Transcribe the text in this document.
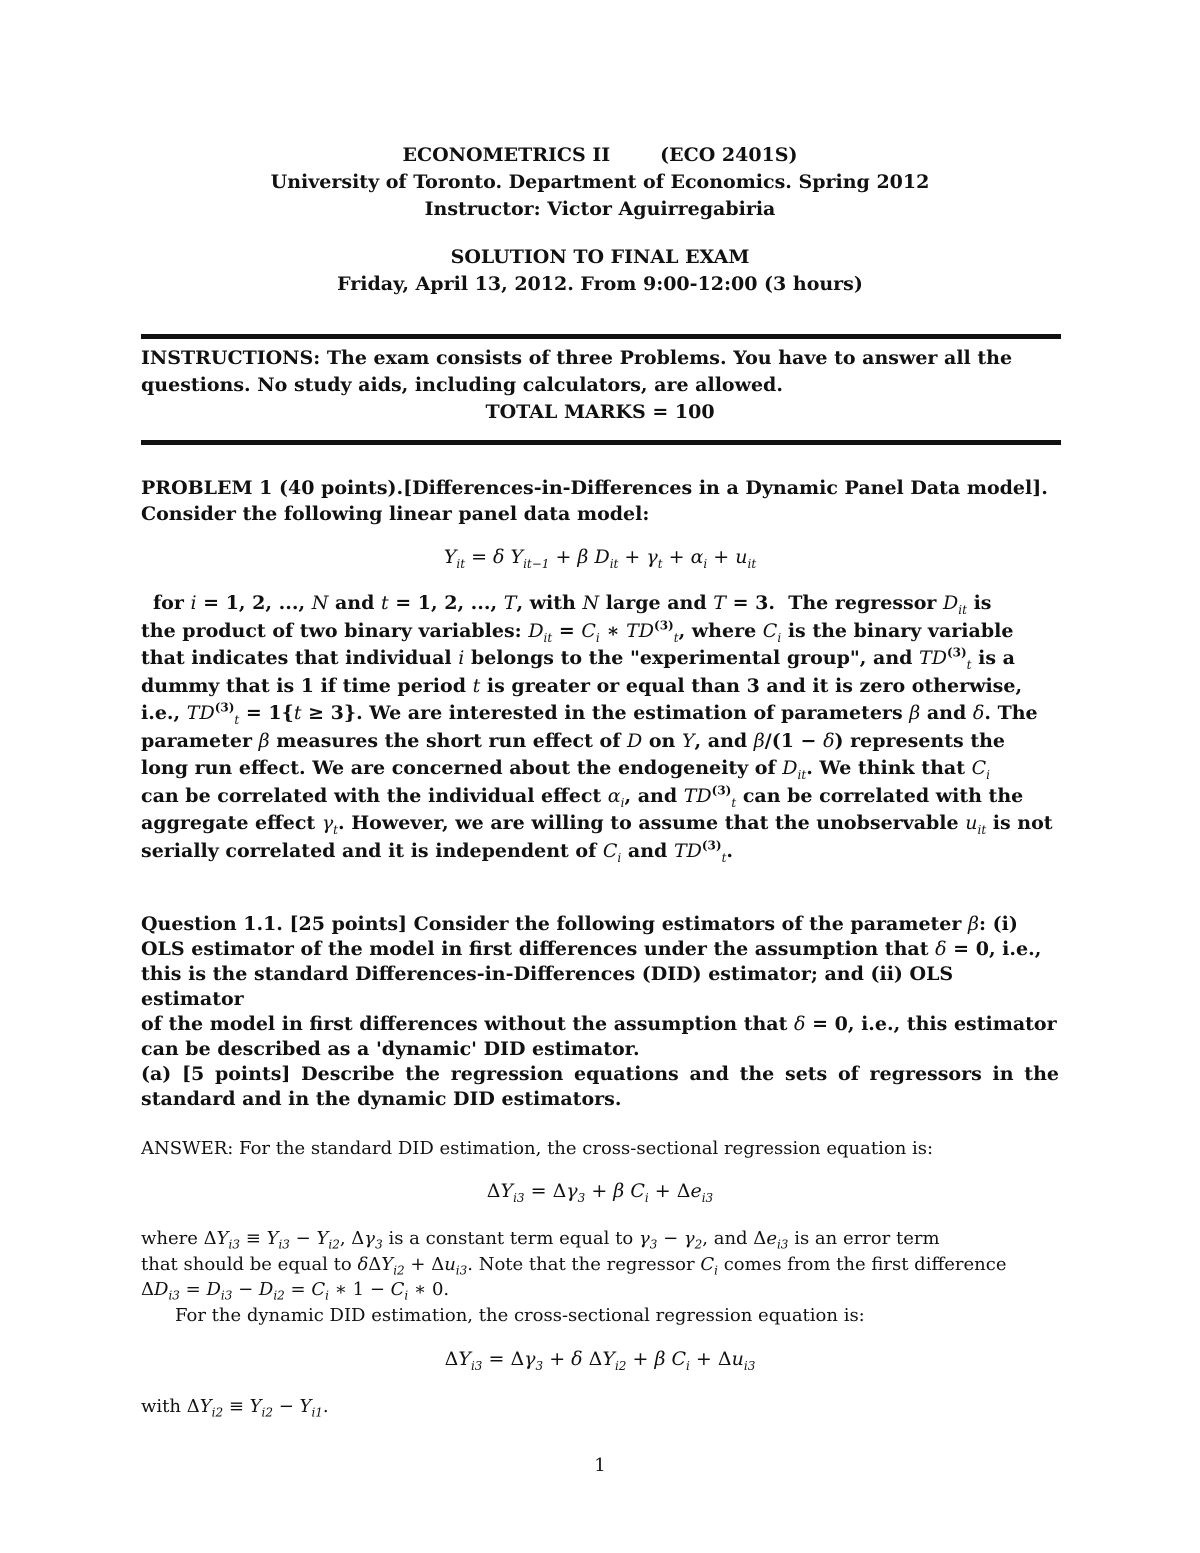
ECONOMETRICS II	(ECO 2401S)
University of Toronto. Department of Economics. Spring 2012
Instructor: Victor Aguirregabiria
SOLUTION TO FINAL EXAM
Friday, April 13, 2012. From 9:00-12:00 (3 hours)
INSTRUCTIONS: The exam consists of three Problems. You have to answer all the
questions. No study aids, including calculators, are allowed.
TOTAL MARKS = 100
PROBLEM 1 (40 points).[Differences-in-Differences in a Dynamic Panel Data model].
Consider the following linear panel data model:
$Y_{it} = \delta$ $Y_{it-1} + \beta$ $D_{it} + \gamma_t + \alpha_i + u_{it}$
for i = 1, 2, ..., N and t = 1, 2, ..., T, with N large and T = 3.  The regressor $D_{it}$ is
the product of two binary variables: $D_{it} = C_i$ ∗ $TD^{(3)}_t$, where $C_i$ is the binary variable
that indicates that individual i belongs to the "experimental group", and $TD^{(3)}_t$ is a
dummy that is 1 if time period t is greater or equal than 3 and it is zero otherwise,
i.e., $TD^{(3)}_t = 1\{t \ge 3\}$. We are interested in the estimation of parameters β and δ. The
parameter β measures the short run effect of D on Y, and β/(1 − δ) represents the
long run effect. We are concerned about the endogeneity of $D_{it}$. We think that $C_i$
can be correlated with the individual effect $\alpha_i$, and $TD^{(3)}_t$ can be correlated with the
aggregate effect $\gamma_t$. However, we are willing to assume that the unobservable $u_{it}$ is not
serially correlated and it is independent of $C_i$ and $TD^{(3)}_t$.
Question 1.1. [25 points] Consider the following estimators of the parameter β: (i)
OLS estimator of the model in first differences under the assumption that δ = 0, i.e.,
this is the standard Differences-in-Differences (DID) estimator; and (ii) OLS estimator
of the model in first differences without the assumption that δ = 0, i.e., this estimator
can be described as a 'dynamic' DID estimator.
(a) [5 points] Describe the regression equations and the sets of regressors in the standard and in the dynamic DID estimators.
ANSWER: For the standard DID estimation, the cross-sectional regression equation is:
$\Delta Y_{i3} = \Delta\gamma_3 + \beta$ $C_i + \Delta e_{i3}$
where $\Delta Y_{i3} \equiv Y_{i3} - Y_{i2}$, $\Delta\gamma_3$ is a constant term equal to $\gamma_3 - \gamma_2$, and $\Delta e_{i3}$ is an error term
that should be equal to $\delta\Delta Y_{i2} + \Delta u_{i3}$. Note that the regressor $C_i$ comes from the first difference
$\Delta D_{i3} = D_{i3} - D_{i2} = C_i$ ∗ $1 - C_i$ ∗ 0.
For the dynamic DID estimation, the cross-sectional regression equation is:
$\Delta Y_{i3} = \Delta\gamma_3 + \delta$ $\Delta Y_{i2} + \beta$ $C_i + \Delta u_{i3}$
with $\Delta Y_{i2} \equiv Y_{i2} - Y_{i1}$.
1
